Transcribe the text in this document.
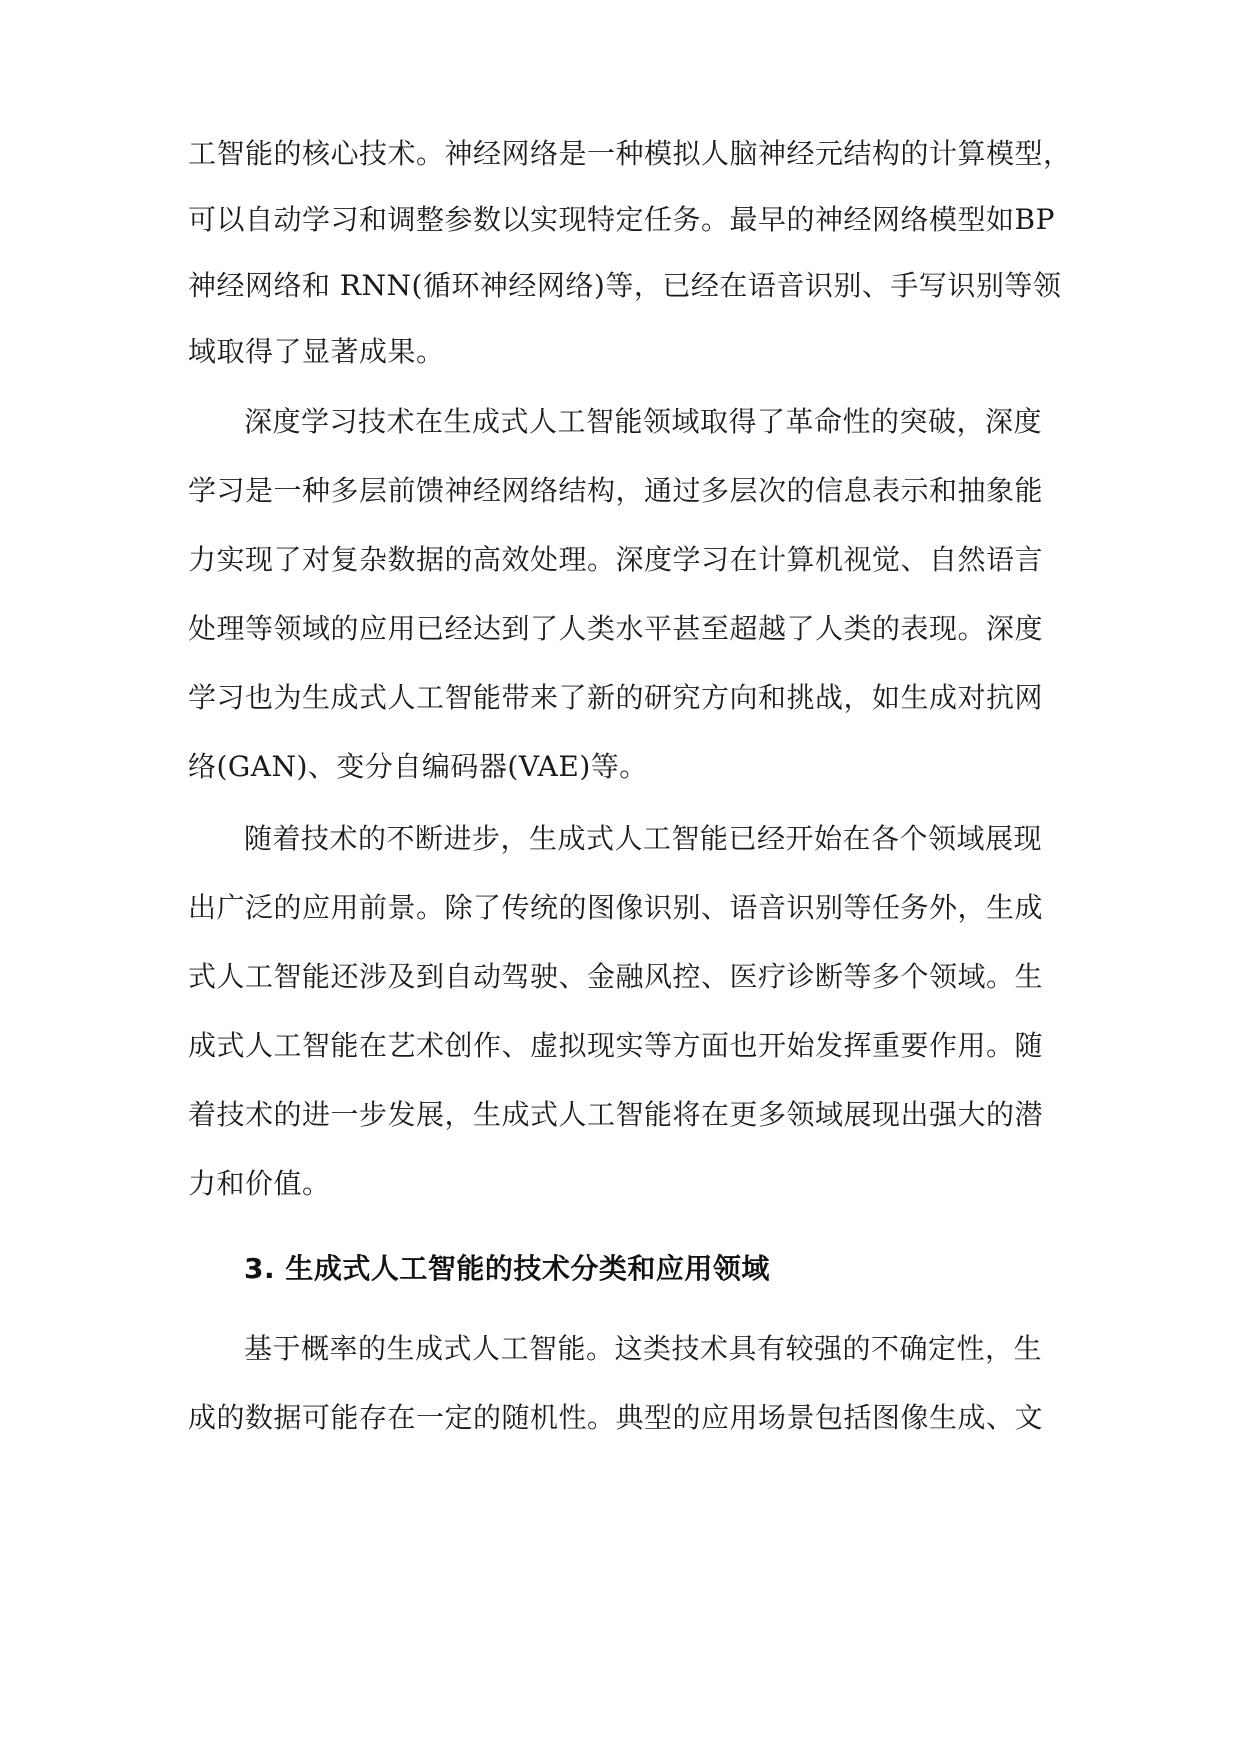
工智能的核心技术。神经网络是一种模拟人脑神经元结构的计算模型，
可以自动学习和调整参数以实现特定任务。最早的神经网络模型如BP
神经网络和 RNN(循环神经网络)等，已经在语音识别、手写识别等领
域取得了显著成果。
深度学习技术在生成式人工智能领域取得了革命性的突破，深度
学习是一种多层前馈神经网络结构，通过多层次的信息表示和抽象能
力实现了对复杂数据的高效处理。深度学习在计算机视觉、自然语言
处理等领域的应用已经达到了人类水平甚至超越了人类的表现。深度
学习也为生成式人工智能带来了新的研究方向和挑战，如生成对抗网
络(GAN)、变分自编码器(VAE)等。
随着技术的不断进步，生成式人工智能已经开始在各个领域展现
出广泛的应用前景。除了传统的图像识别、语音识别等任务外，生成
式人工智能还涉及到自动驾驶、金融风控、医疗诊断等多个领域。生
成式人工智能在艺术创作、虚拟现实等方面也开始发挥重要作用。随
着技术的进一步发展，生成式人工智能将在更多领域展现出强大的潜
力和价值。
3. 生成式人工智能的技术分类和应用领域
基于概率的生成式人工智能。这类技术具有较强的不确定性，生
成的数据可能存在一定的随机性。典型的应用场景包括图像生成、文
